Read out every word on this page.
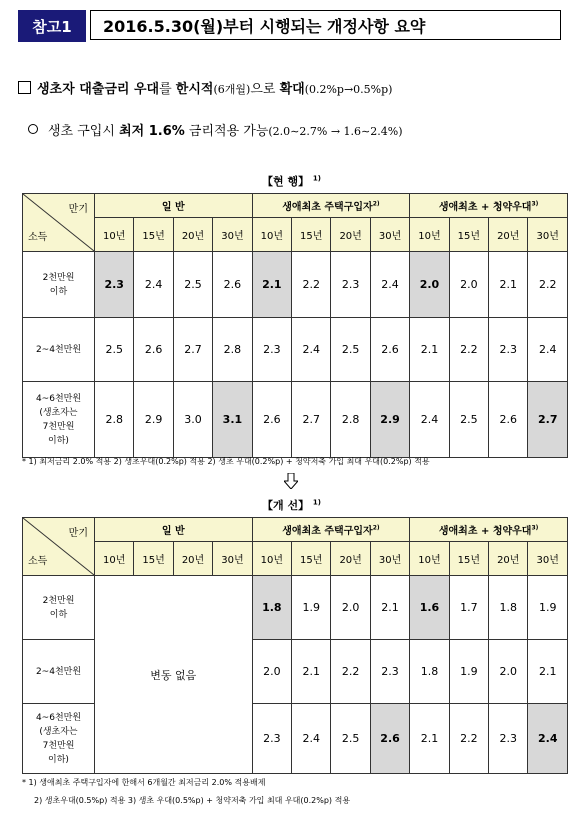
참고1	2016.5.30(월)부터 시행되는 개정사항 요약
생초자 대출금리 우대를 한시적(6개월)으로 확대(0.2%p→0.5%p)
생초 구입시 최저 1.6% 금리적용 가능(2.0∼2.7% → 1.6∼2.4%)
【현 행】 $^{1)}$
만기
소득	일 반				생애최초 주택구입자$^{2)}$				생애최초 + 청약우대$^{3)}$
	10년	15년	20년	30년	10년	15년	20년	30년	10년	15년	20년	30년

2천만원
이하	2.3	2.4	2.5	2.6	2.1	2.2	2.3	2.4	2.0	2.0	2.1	2.2

2~4천만원	2.5	2.6	2.7	2.8	2.3	2.4	2.5	2.6	2.1	2.2	2.3	2.4

4~6천만원
(생초자는
7천만원
이하)	2.8	2.9	3.0	3.1	2.6	2.7	2.8	2.9	2.4	2.5	2.6	2.7
* 1) 최저금리 2.0% 적용 2) 생초우대(0.2%p) 적용 2) 생초 우대(0.2%p) + 청약저축 가입 최대 우대(0.2%p) 적용
【개 선】 $^{1)}$
만기
소득	일 반				생애최초 주택구입자$^{2)}$				생애최초 + 청약우대$^{3)}$
	10년	15년	20년	30년	10년	15년	20년	30년	10년	15년	20년	30년

2천만원
이하	변동 없음				1.8	1.9	2.0	2.1	1.6	1.7	1.8	1.9

2~4천만원					2.0	2.1	2.2	2.3	1.8	1.9	2.0	2.1

4~6천만원
(생초자는
7천만원
이하)					2.3	2.4	2.5	2.6	2.1	2.2	2.3	2.4
* 1) 생애최초 주택구입자에 한해서 6개월간 최저금리 2.0% 적용배제
2) 생초우대(0.5%p) 적용 3) 생초 우대(0.5%p) + 청약저축 가입 최대 우대(0.2%p) 적용
